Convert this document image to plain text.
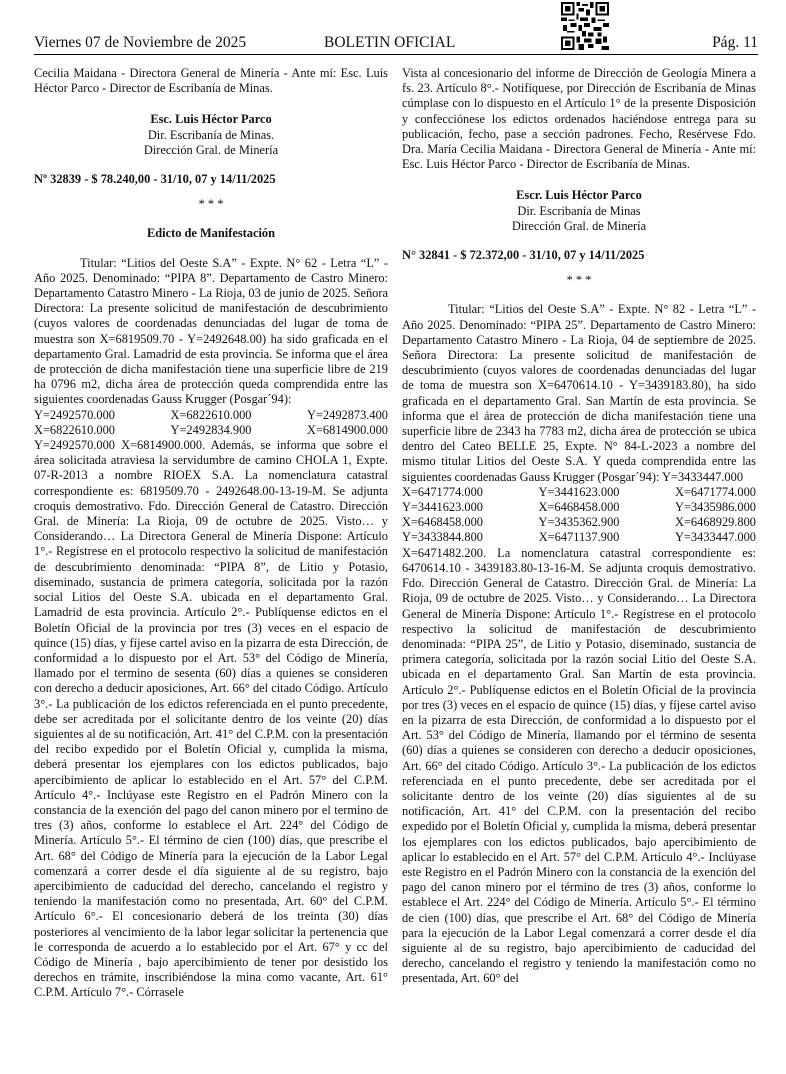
Viernes 07 de Noviembre de 2025	BOLETIN OFICIAL	Pág. 11

Cecilia Maidana - Directora General de Minería - Ante mí: Esc. Luis Héctor Parco - Director de Escribanía de Minas.

Esc. Luis Héctor Parco
Dir. Escribanía de Minas.
Dirección Gral. de Minería
Nº 32839 - $ 78.240,00 - 31/10, 07 y 14/11/2025
* * *
Edicto de Manifestación

Titular: “Litios del Oeste S.A” - Expte. N° 62 - Letra “L” - Año 2025. Denominado: “PIPA 8”. Departamento de Castro Minero: Departamento Catastro Minero - La Rioja, 03 de junio de 2025. Señora Directora: La presente solicitud de manifestación de descubrimiento (cuyos valores de coordenadas denunciadas del lugar de toma de muestra son X=6819509.70 - Y=2492648.00) ha sido graficada en el departamento Gral. Lamadrid de esta provincia. Se informa que el área de protección de dicha manifestación tiene una superficie libre de 219 ha 0796 m2, dicha área de protección queda comprendida entre las siguientes coordenadas Gauss Krugger (Posgar´94):

Y=2492570.000	X=6822610.000	Y=2492873.400
X=6822610.000	Y=2492834.900	X=6814900.000

Y=2492570.000 X=6814900.000. Además, se informa que sobre el área solicitada atraviesa la servidumbre de camino CHOLA 1, Expte. 07-R-2013 a nombre RIOEX S.A. La nomenclatura catastral correspondiente es: 6819509.70 - 2492648.00-13-19-M. Se adjunta croquis demostrativo. Fdo. Dirección General de Catastro. Dirección Gral. de Minería: La Rioja, 09 de octubre de 2025. Visto… y Considerando… La Directora General de Minería Dispone: Artículo 1°.- Regístrese en el protocolo respectivo la solicitud de manifestación de descubrimiento denominada: “PIPA 8”, de Litio y Potasio, diseminado, sustancia de primera categoría, solicitada por la razón social Litios del Oeste S.A. ubicada en el departamento Gral. Lamadrid de esta provincia. Artículo 2°.- Publíquense edictos en el Boletín Oficial de la provincia por tres (3) veces en el espacio de quince (15) días, y fíjese cartel aviso en la pizarra de esta Dirección, de conformidad a lo dispuesto por el Art. 53° del Código de Minería, llamado por el termino de sesenta (60) días a quienes se consideren con derecho a deducir aposiciones, Art. 66° del citado Código. Artículo 3°.- La publicación de los edictos referenciada en el punto precedente, debe ser acreditada por el solicitante dentro de los veinte (20) días siguientes al de su notificación, Art. 41° del C.P.M. con la presentación del recibo expedido por el Boletín Oficial y, cumplida la misma, deberá presentar los ejemplares con los edictos publicados, bajo apercibimiento de aplicar lo establecido en el Art. 57° del C.P.M. Artículo 4°.- Inclúyase este Registro en el Padrón Minero con la constancia de la exención del pago del canon minero por el termino de tres (3) años, conforme lo establece el Art. 224° del Código de Minería. Artículo 5°.- El término de cien (100) días, que prescribe el Art. 68° del Código de Minería para la ejecución de la Labor Legal comenzará a correr desde el día siguiente al de su registro, bajo apercibimiento de caducidad del derecho, cancelando el registro y teniendo la manifestación como no presentada, Art. 60° del C.P.M. Artículo 6°.- El concesionario deberá de los treinta (30) días posteriores al vencimiento de la labor legar solicitar la pertenencia que le corresponda de acuerdo a lo establecido por el Art. 67° y cc del Código de Minería , bajo apercibimiento de tener por desistido los derechos en trámite, inscribiéndose la mina como vacante, Art. 61° C.P.M. Artículo 7°.- Córrasele

Vista al concesionario del informe de Dirección de Geología Minera a fs. 23. Artículo 8°.- Notifíquese, por Dirección de Escribanía de Minas cúmplase con lo dispuesto en el Artículo 1° de la presente Disposición y confecciónese los edictos ordenados haciéndose entrega para su publicación, fecho, pase a sección padrones. Fecho, Resérvese Fdo. Dra. María Cecilia Maidana - Directora General de Minería - Ante mí: Esc. Luis Héctor Parco - Director de Escribanía de Minas.

Escr. Luis Héctor Parco
Dir. Escribanía de Minas
Dirección Gral. de Minería
N° 32841 - $ 72.372,00 - 31/10, 07 y 14/11/2025
* * *

Titular: “Litios del Oeste S.A” - Expte. N° 82 - Letra “L” - Año 2025. Denominado: “PIPA 25”. Departamento de Castro Minero: Departamento Catastro Minero - La Rioja, 04 de septiembre de 2025. Señora Directora: La presente solicitud de manifestación de descubrimiento (cuyos valores de coordenadas denunciadas del lugar de toma de muestra son X=6470614.10 - Y=3439183.80), ha sido graficada en el departamento Gral. San Martín de esta provincia. Se informa que el área de protección de dicha manifestación tiene una superficie libre de 2343 ha 7783 m2, dicha área de protección se ubica dentro del Cateo BELLE 25, Expte. N° 84-L-2023 a nombre del mismo titular Litios del Oeste S.A. Y queda comprendida entre las siguientes coordenadas Gauss Krugger (Posgar´94): Y=3433447.000

X=6471774.000	Y=3441623.000	X=6471774.000
Y=3441623.000	X=6468458.000	Y=3435986.000
X=6468458.000	Y=3435362.900	X=6468929.800
Y=3433844.800	X=6471137.900	Y=3433447.000

X=6471482.200. La nomenclatura catastral correspondiente es: 6470614.10 - 3439183.80-13-16-M. Se adjunta croquis demostrativo. Fdo. Dirección General de Catastro. Dirección Gral. de Minería: La Rioja, 09 de octubre de 2025. Visto… y Considerando… La Directora General de Minería Dispone: Artículo 1°.- Regístrese en el protocolo respectivo la solicitud de manifestación de descubrimiento denominada: “PIPA 25”, de Litio y Potasio, diseminado, sustancia de primera categoría, solicitada por la razón social Litio del Oeste S.A. ubicada en el departamento Gral. San Martín de esta provincia. Artículo 2°.- Publíquense edictos en el Boletín Oficial de la provincia por tres (3) veces en el espacio de quince (15) días, y fíjese cartel aviso en la pizarra de esta Dirección, de conformidad a lo dispuesto por el Art. 53° del Código de Minería, llamando por el término de sesenta (60) días a quienes se consideren con derecho a deducir oposiciones, Art. 66° del citado Código. Artículo 3°.- La publicación de los edictos referenciada en el punto precedente, debe ser acreditada por el solicitante dentro de los veinte (20) días siguientes al de su notificación, Art. 41° del C.P.M. con la presentación del recibo expedido por el Boletín Oficial y, cumplida la misma, deberá presentar los ejemplares con los edictos publicados, bajo apercibimiento de aplicar lo establecido en el Art. 57° del C.P.M. Artículo 4°.- Inclúyase este Registro en el Padrón Minero con la constancia de la exención del pago del canon minero por el término de tres (3) años, conforme lo establece el Art. 224° del Código de Minería. Artículo 5°.- El término de cien (100) días, que prescribe el Art. 68° del Código de Minería para la ejecución de la Labor Legal comenzará a correr desde el día siguiente al de su registro, bajo apercibimiento de caducidad del derecho, cancelando el registro y teniendo la manifestación como no presentada, Art. 60° del
